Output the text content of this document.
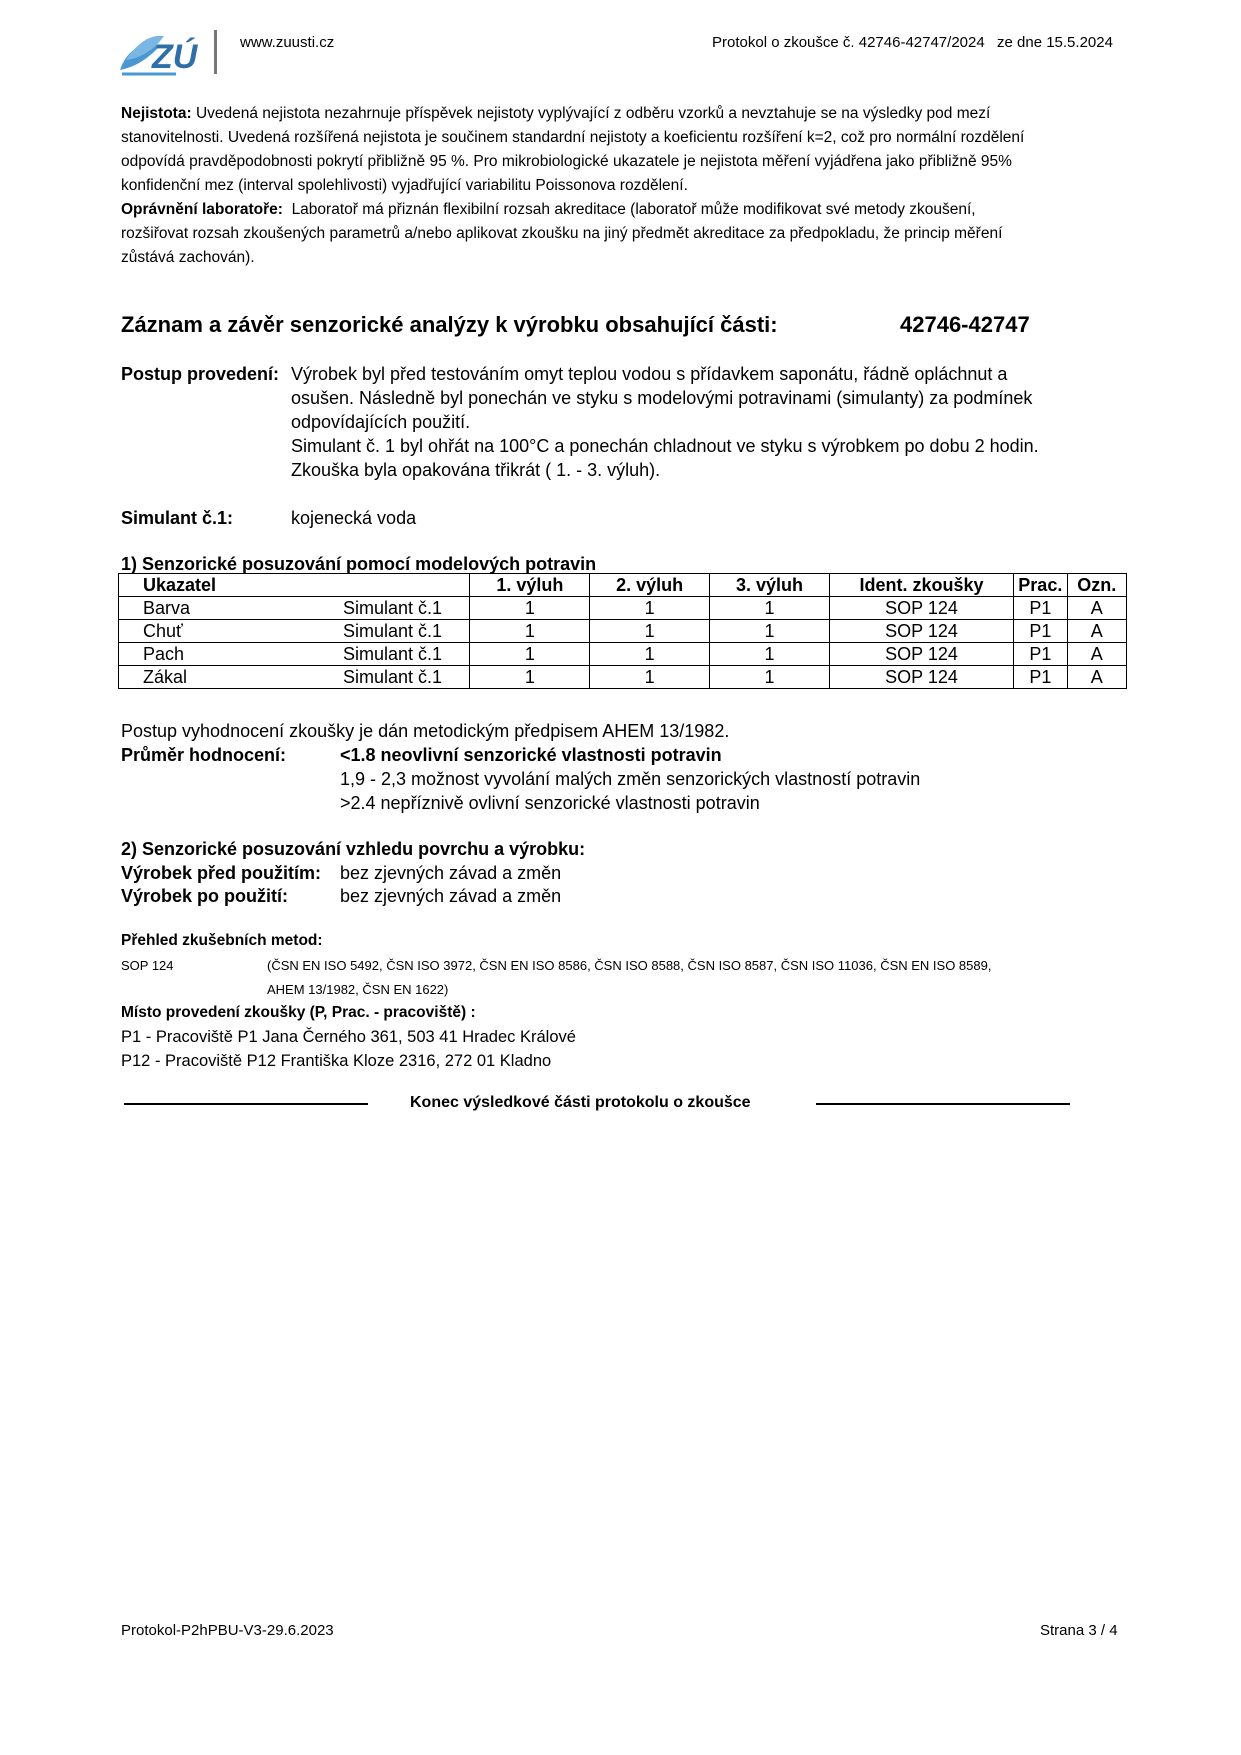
ZÚ	www.zuusti.cz	Protokol o zkoušce č. 42746-42747/2024 ze dne 15.5.2024
Nejistota: Uvedená nejistota nezahrnuje příspěvek nejistoty vyplývající z odběru vzorků a nevztahuje se na výsledky pod mezí
stanovitelnosti. Uvedená rozšířená nejistota je součinem standardní nejistoty a koeficientu rozšíření k=2, což pro normální rozdělení
odpovídá pravděpodobnosti pokrytí přibližně 95 %. Pro mikrobiologické ukazatele je nejistota měření vyjádřena jako přibližně 95%
konfidenční mez (interval spolehlivosti) vyjadřující variabilitu Poissonova rozdělení.
Oprávnění laboratoře: Laboratoř má přiznán flexibilní rozsah akreditace (laboratoř může modifikovat své metody zkoušení,
rozšiřovat rozsah zkoušených parametrů a/nebo aplikovat zkoušku na jiný předmět akreditace za předpokladu, že princip měření
zůstává zachován).
Záznam a závěr senzorické analýzy k výrobku obsahující části:	42746-42747
Postup provedení: Výrobek byl před testováním omyt teplou vodou s přídavkem saponátu, řádně opláchnut a
osušen. Následně byl ponechán ve styku s modelovými potravinami (simulanty) za podmínek
odpovídajících použití.
Simulant č. 1 byl ohřát na 100°C a ponechán chladnout ve styku s výrobkem po dobu 2 hodin.
Zkouška byla opakována třikrát ( 1. - 3. výluh).
Simulant č.1:	kojenecká voda
1) Senzorické posuzování pomocí modelových potravin
Ukazatel	1. výluh	2. výluh	3. výluh	Ident. zkoušky	Prac.	Ozn.
Barva Simulant č.1	1	1	1	SOP 124	P1	A
Chuť Simulant č.1	1	1	1	SOP 124	P1	A
Pach Simulant č.1	1	1	1	SOP 124	P1	A
Zákal Simulant č.1	1	1	1	SOP 124	P1	A
Postup vyhodnocení zkoušky je dán metodickým předpisem AHEM 13/1982.
Průměr hodnocení:	<1.8 neovlivní senzorické vlastnosti potravin
1,9 - 2,3 možnost vyvolání malých změn senzorických vlastností potravin
>2.4 nepříznivě ovlivní senzorické vlastnosti potravin
2) Senzorické posuzování vzhledu povrchu a výrobku:
Výrobek před použitím: bez zjevných závad a změn
Výrobek po použití:	bez zjevných závad a změn
Přehled zkušebních metod:
SOP 124	(ČSN EN ISO 5492, ČSN ISO 3972, ČSN EN ISO 8586, ČSN ISO 8588, ČSN ISO 8587, ČSN ISO 11036, ČSN EN ISO 8589,
AHEM 13/1982, ČSN EN 1622)
Místo provedení zkoušky (P, Prac. - pracoviště) :
P1 - Pracoviště P1 Jana Černého 361, 503 41 Hradec Králové
P12 - Pracoviště P12 Františka Kloze 2316, 272 01 Kladno
Konec výsledkové části protokolu o zkoušce
Protokol-P2hPBU-V3-29.6.2023	Strana 3 / 4
